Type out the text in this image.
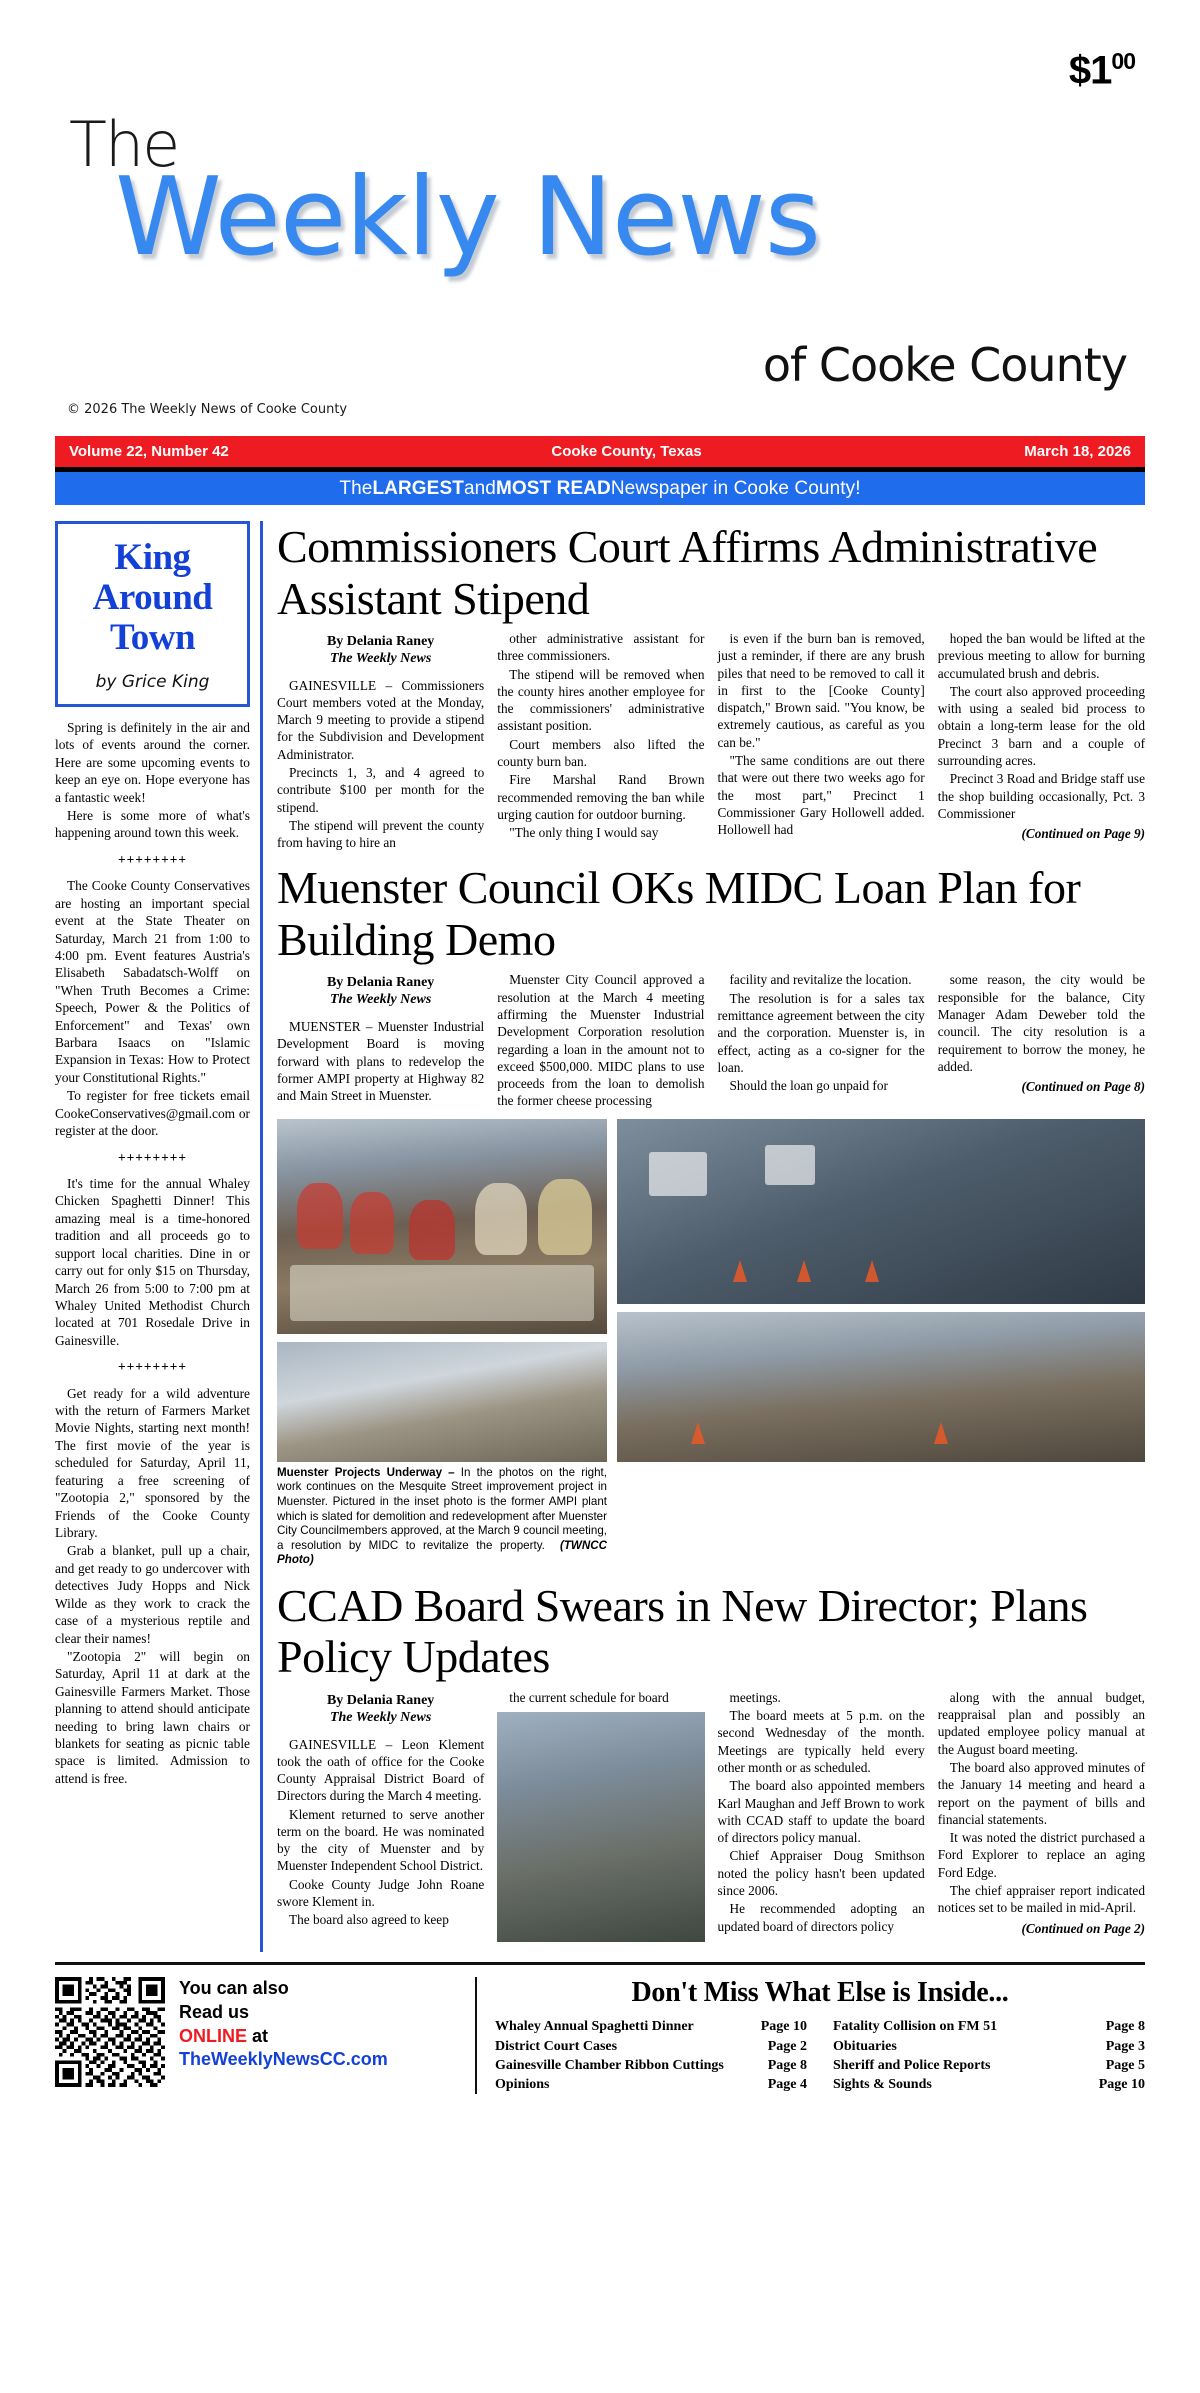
$\$1^{00}$
The
Weekly News
of Cooke County
© 2026 The Weekly News of Cooke County
Volume 22, Number 42	Cooke County, Texas	March 18, 2026
The LARGEST and MOST READ Newspaper in Cooke County!
King
Around
Town
by Grice King

Spring is definitely in the air and lots of events around the corner. Here are some upcoming events to keep an eye on. Hope everyone has a fantastic week!

Here is some more of what's happening around town this week.

++++++++

The Cooke County Conservatives are hosting an important special event at the State Theater on Saturday, March 21 from 1:00 to 4:00 pm. Event features Austria's Elisabeth Sabadatsch-Wolff on "When Truth Becomes a Crime: Speech, Power & the Politics of Enforcement" and Texas' own Barbara Isaacs on "Islamic Expansion in Texas: How to Protect your Constitutional Rights."

To register for free tickets email CookeConservatives@gmail.com or register at the door.

++++++++

It's time for the annual Whaley Chicken Spaghetti Dinner! This amazing meal is a time-honored tradition and all proceeds go to support local charities. Dine in or carry out for only $15 on Thursday, March 26 from 5:00 to 7:00 pm at Whaley United Methodist Church located at 701 Rosedale Drive in Gainesville.

++++++++

Get ready for a wild adventure with the return of Farmers Market Movie Nights, starting next month! The first movie of the year is scheduled for Saturday, April 11, featuring a free screening of "Zootopia 2," sponsored by the Friends of the Cooke County Library.

Grab a blanket, pull up a chair, and get ready to go undercover with detectives Judy Hopps and Nick Wilde as they work to crack the case of a mysterious reptile and clear their names!

"Zootopia 2" will begin on Saturday, April 11 at dark at the Gainesville Farmers Market. Those planning to attend should anticipate needing to bring lawn chairs or blankets for seating as picnic table space is limited. Admission to attend is free.

Commissioners Court Affirms Administrative Assistant Stipend
By Delania Raney
The Weekly News

GAINESVILLE – Commissioners Court members voted at the Monday, March 9 meeting to provide a stipend for the Subdivision and Development Administrator.

Precincts 1, 3, and 4 agreed to contribute $100 per month for the stipend.

The stipend will prevent the county from having to hire an

other administrative assistant for three commissioners.

The stipend will be removed when the county hires another employee for the commissioners' administrative assistant position.

Court members also lifted the county burn ban.

Fire Marshal Rand Brown recommended removing the ban while urging caution for outdoor burning.

"The only thing I would say

is even if the burn ban is removed, just a reminder, if there are any brush piles that need to be removed to call it in first to the [Cooke County] dispatch," Brown said. "You know, be extremely cautious, as careful as you can be."

"The same conditions are out there that were out there two weeks ago for the most part," Precinct 1 Commissioner Gary Hollowell added. Hollowell had

hoped the ban would be lifted at the previous meeting to allow for burning accumulated brush and debris.

The court also approved proceeding with using a sealed bid process to obtain a long-term lease for the old Precinct 3 barn and a couple of surrounding acres.

Precinct 3 Road and Bridge staff use the shop building occasionally, Pct. 3 Commissioner

(Continued on Page 9)
Muenster Council OKs MIDC Loan Plan for Building Demo
By Delania Raney
The Weekly News

MUENSTER – Muenster Industrial Development Board is moving forward with plans to redevelop the former AMPI property at Highway 82 and Main Street in Muenster.

Muenster City Council approved a resolution at the March 4 meeting affirming the Muenster Industrial Development Corporation resolution regarding a loan in the amount not to exceed $500,000. MIDC plans to use proceeds from the loan to demolish the former cheese processing

facility and revitalize the location.

The resolution is for a sales tax remittance agreement between the city and the corporation. Muenster is, in effect, acting as a co-signer for the loan.

Should the loan go unpaid for

some reason, the city would be responsible for the balance, City Manager Adam Deweber told the council. The city resolution is a requirement to borrow the money, he added.

(Continued on Page 8)
Muenster Projects Underway – In the photos on the right, work continues on the Mesquite Street improvement project in Muenster. Pictured in the inset photo is the former AMPI plant which is slated for demolition and redevelopment after Muenster City Councilmembers approved, at the March 9 council meeting, a resolution by MIDC to revitalize the property. (TWNCC Photo)
CCAD Board Swears in New Director; Plans Policy Updates
By Delania Raney
The Weekly News

GAINESVILLE – Leon Klement took the oath of office for the Cooke County Appraisal District Board of Directors during the March 4 meeting.

Klement returned to serve another term on the board. He was nominated by the city of Muenster and by Muenster Independent School District.

Cooke County Judge John Roane swore Klement in.

The board also agreed to keep

the current schedule for board	meetings.

The board meets at 5 p.m. on the second Wednesday of the month. Meetings are typically held every other month or as scheduled.

The board also appointed members Karl Maughan and Jeff Brown to work with CCAD staff to update the board of directors policy manual.

Chief Appraiser Doug Smithson noted the policy hasn't been updated since 2006.

He recommended adopting an updated board of directors policy

along with the annual budget, reappraisal plan and possibly an updated employee policy manual at the August board meeting.

The board also approved minutes of the January 14 meeting and heard a report on the payment of bills and financial statements.

It was noted the district purchased a Ford Explorer to replace an aging Ford Edge.

The chief appraiser report indicated notices set to be mailed in mid-April.

(Continued on Page 2)
You can also
Read us
ONLINE at
TheWeeklyNewsCC.com
Don't Miss What Else is Inside...
Whaley Annual Spaghetti Dinner	Page 10
District Court Cases	Page 2
Gainesville Chamber Ribbon Cuttings	Page 8
Opinions	Page 4
Fatality Collision on FM 51	Page 8
Obituaries	Page 3
Sheriff and Police Reports	Page 5
Sights & Sounds	Page 10
